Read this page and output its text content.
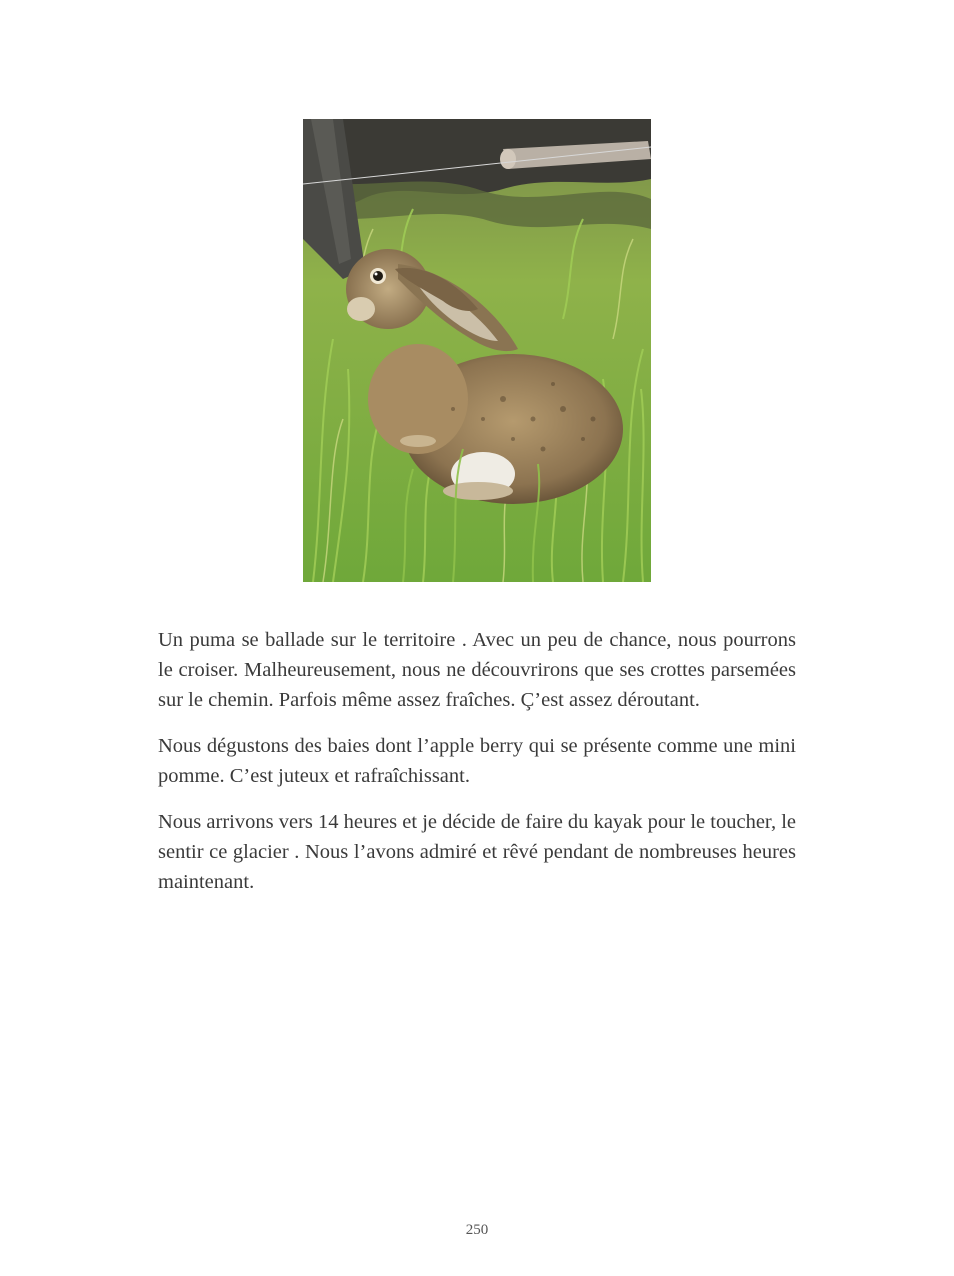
Un puma se ballade sur le territoire . Avec un peu de chance, nous pourrons le croiser. Malheureusement, nous ne découvrirons que ses crottes parsemées sur le chemin. Parfois même assez fraîches. Ç’est assez déroutant.

Nous dégustons des baies dont l’apple berry qui se présente comme une mini pomme. C’est juteux et rafraîchissant.

Nous arrivons vers 14 heures et je décide de faire du kayak pour le toucher, le sentir ce glacier . Nous l’avons admiré et rêvé pendant de nombreuses heures maintenant.

250
